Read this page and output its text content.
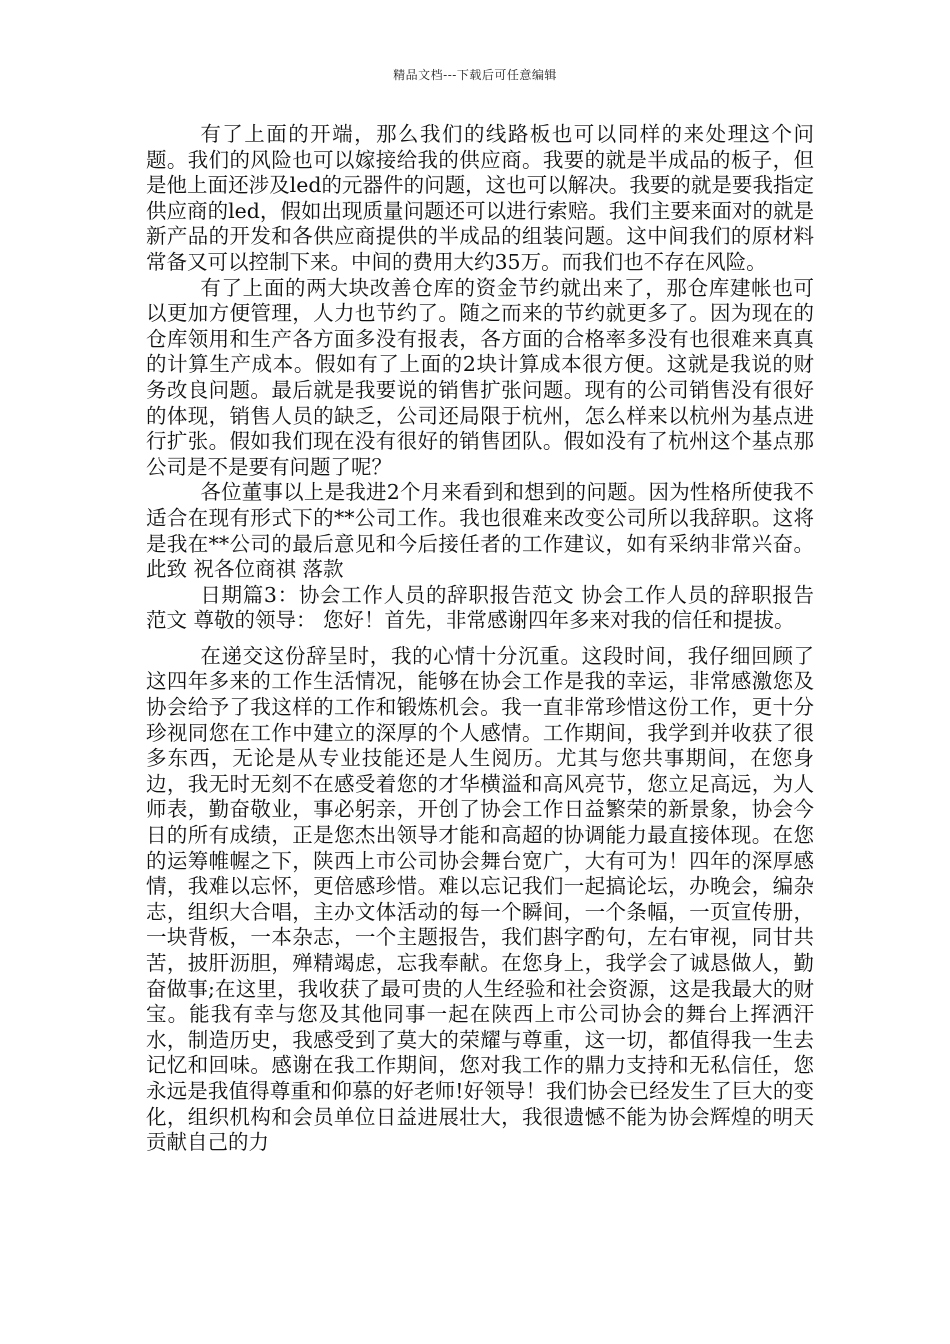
精品文档---下载后可任意编辑

有了上面的开端，那么我们的线路板也可以同样的来处理这个问题。我们的风险也可以嫁接给我的供应商。我要的就是半成品的板子，但是他上面还涉及led的元器件的问题，这也可以解决。我要的就是要我指定供应商的led，假如出现质量问题还可以进行索赔。我们主要来面对的就是新产品的开发和各供应商提供的半成品的组装问题。这中间我们的原材料常备又可以控制下来。中间的费用大约35万。而我们也不存在风险。

有了上面的两大块改善仓库的资金节约就出来了，那仓库建帐也可以更加方便管理，人力也节约了。随之而来的节约就更多了。因为现在的仓库领用和生产各方面多没有报表，各方面的合格率多没有也很难来真真的计算生产成本。假如有了上面的2块计算成本很方便。这就是我说的财务改良问题。最后就是我要说的销售扩张问题。现有的公司销售没有很好的体现，销售人员的缺乏，公司还局限于杭州，怎么样来以杭州为基点进行扩张。假如我们现在没有很好的销售团队。假如没有了杭州这个基点那公司是不是要有问题了呢？

各位董事以上是我进2个月来看到和想到的问题。因为性格所使我不适合在现有形式下的**公司工作。我也很难来改变公司所以我辞职。这将是我在**公司的最后意见和今后接任者的工作建议，如有采纳非常兴奋。 此致 祝各位商祺 落款

日期篇3：协会工作人员的辞职报告范文 协会工作人员的辞职报告范文 尊敬的领导： 您好！首先，非常感谢四年多来对我的信任和提拔。

在递交这份辞呈时，我的心情十分沉重。这段时间，我仔细回顾了这四年多来的工作生活情况，能够在协会工作是我的幸运，非常感激您及协会给予了我这样的工作和锻炼机会。我一直非常珍惜这份工作，更十分珍视同您在工作中建立的深厚的个人感情。工作期间，我学到并收获了很多东西，无论是从专业技能还是人生阅历。尤其与您共事期间，在您身边，我无时无刻不在感受着您的才华横溢和高风亮节，您立足高远，为人师表，勤奋敬业，事必躬亲，开创了协会工作日益繁荣的新景象，协会今日的所有成绩，正是您杰出领导才能和高超的协调能力最直接体现。在您的运筹帷幄之下，陕西上市公司协会舞台宽广，大有可为！四年的深厚感情，我难以忘怀，更倍感珍惜。难以忘记我们一起搞论坛，办晚会，编杂志，组织大合唱，主办文体活动的每一个瞬间，一个条幅，一页宣传册，一块背板，一本杂志，一个主题报告，我们斟字酌句，左右审视，同甘共苦，披肝沥胆，殚精竭虑，忘我奉献。在您身上，我学会了诚恳做人，勤奋做事;在这里，我收获了最可贵的人生经验和社会资源，这是我最大的财宝。能我有幸与您及其他同事一起在陕西上市公司协会的舞台上挥洒汗水，制造历史，我感受到了莫大的荣耀与尊重，这一切，都值得我一生去记忆和回味。感谢在我工作期间，您对我工作的鼎力支持和无私信任，您永远是我值得尊重和仰慕的好老师!好领导！我们协会已经发生了巨大的变化，组织机构和会员单位日益进展壮大，我很遗憾不能为协会辉煌的明天贡献自己的力
